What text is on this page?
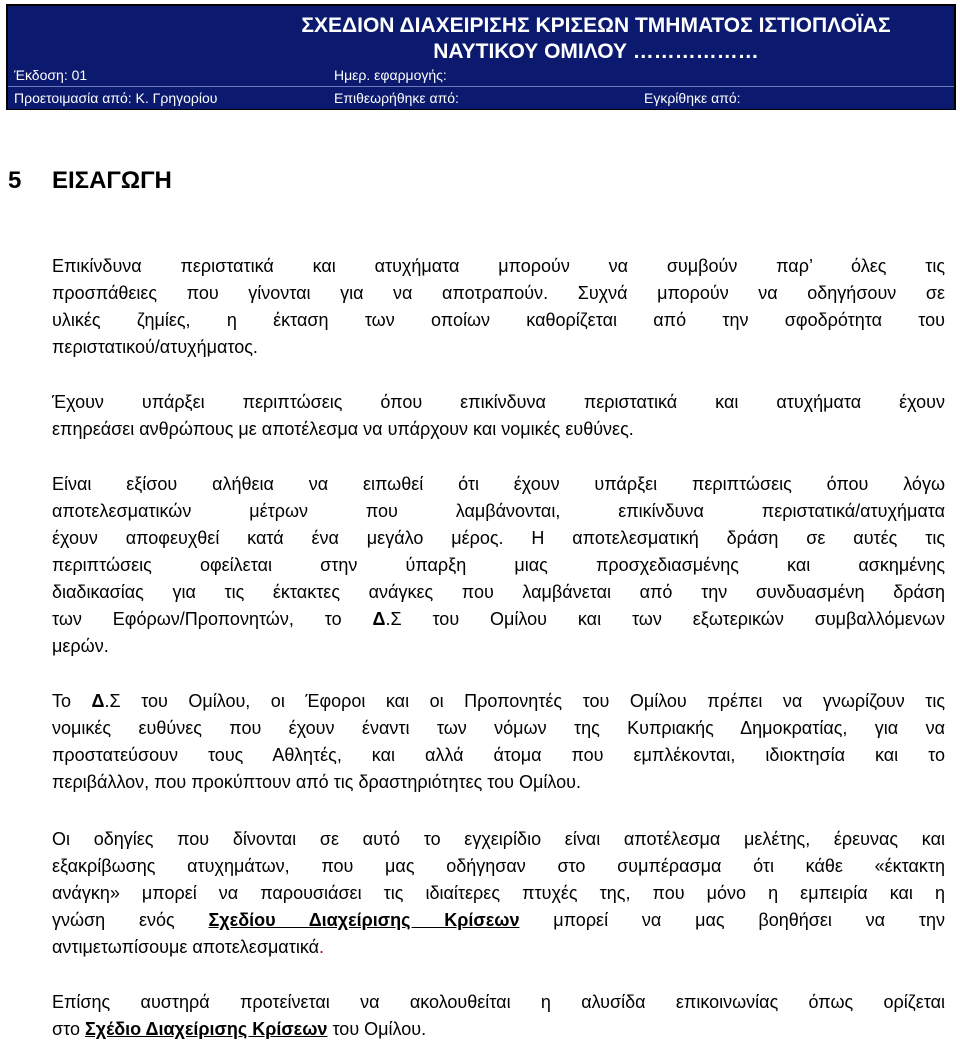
ΣΧΕΔΙΟΝ ΔΙΑΧΕΙΡΙΣΗΣ ΚΡΙΣΕΩΝ ΤΜΗΜΑΤΟΣ ΙΣΤΙΟΠΛΟΪΑΣ
ΝΑΥΤΙΚΟΥ ΟΜΙΛΟΥ ………………
Έκδοση: 01	Ημερ. εφαρμογής:
Προετοιμασία από: Κ. Γρηγορίου	Επιθεωρήθηκε από:	Εγκρίθηκε από:
5 ΕΙΣΑΓΩΓΗ
Επικίνδυνα περιστατικά και ατυχήματα μπορούν να συμβούν παρ’ όλες τις
προσπάθειες που γίνονται για να αποτραπούν. Συχνά μπορούν να οδηγήσουν σε
υλικές ζημίες, η έκταση των οποίων καθορίζεται από την σφοδρότητα του
περιστατικού/ατυχήματος.
Έχουν υπάρξει περιπτώσεις όπου επικίνδυνα περιστατικά και ατυχήματα έχουν
επηρεάσει ανθρώπους με αποτέλεσμα να υπάρχουν και νομικές ευθύνες.
Είναι εξίσου αλήθεια να ειπωθεί ότι έχουν υπάρξει περιπτώσεις όπου λόγω
αποτελεσματικών μέτρων που λαμβάνονται, επικίνδυνα περιστατικά/ατυχήματα
έχουν αποφευχθεί κατά ένα μεγάλο μέρος. Η αποτελεσματική δράση σε αυτές τις
περιπτώσεις οφείλεται στην ύπαρξη μιας προσχεδιασμένης και ασκημένης
διαδικασίας για τις έκτακτες ανάγκες που λαμβάνεται από την συνδυασμένη δράση
των Εφόρων/Προπονητών, το Δ.Σ του Ομίλου και των εξωτερικών συμβαλλόμενων
μερών.
Το Δ.Σ του Ομίλου, οι Έφοροι και οι Προπονητές του Ομίλου πρέπει να γνωρίζουν τις
νομικές ευθύνες που έχουν έναντι των νόμων της Κυπριακής Δημοκρατίας, για να
προστατεύσουν τους Αθλητές, και αλλά άτομα που εμπλέκονται, ιδιοκτησία και το
περιβάλλον, που προκύπτουν από τις δραστηριότητες του Ομίλου.
Οι οδηγίες που δίνονται σε αυτό το εγχειρίδιο είναι αποτέλεσμα μελέτης, έρευνας και
εξακρίβωσης ατυχημάτων, που μας οδήγησαν στο συμπέρασμα ότι κάθε «έκτακτη
ανάγκη» μπορεί να παρουσιάσει τις ιδιαίτερες πτυχές της, που μόνο η εμπειρία και η
γνώση ενός Σχεδίου Διαχείρισης Κρίσεων μπορεί να μας βοηθήσει να την
αντιμετωπίσουμε αποτελεσματικά.
Επίσης αυστηρά προτείνεται να ακολουθείται η αλυσίδα επικοινωνίας όπως ορίζεται
στο Σχέδιο Διαχείρισης Κρίσεων του Ομίλου.
